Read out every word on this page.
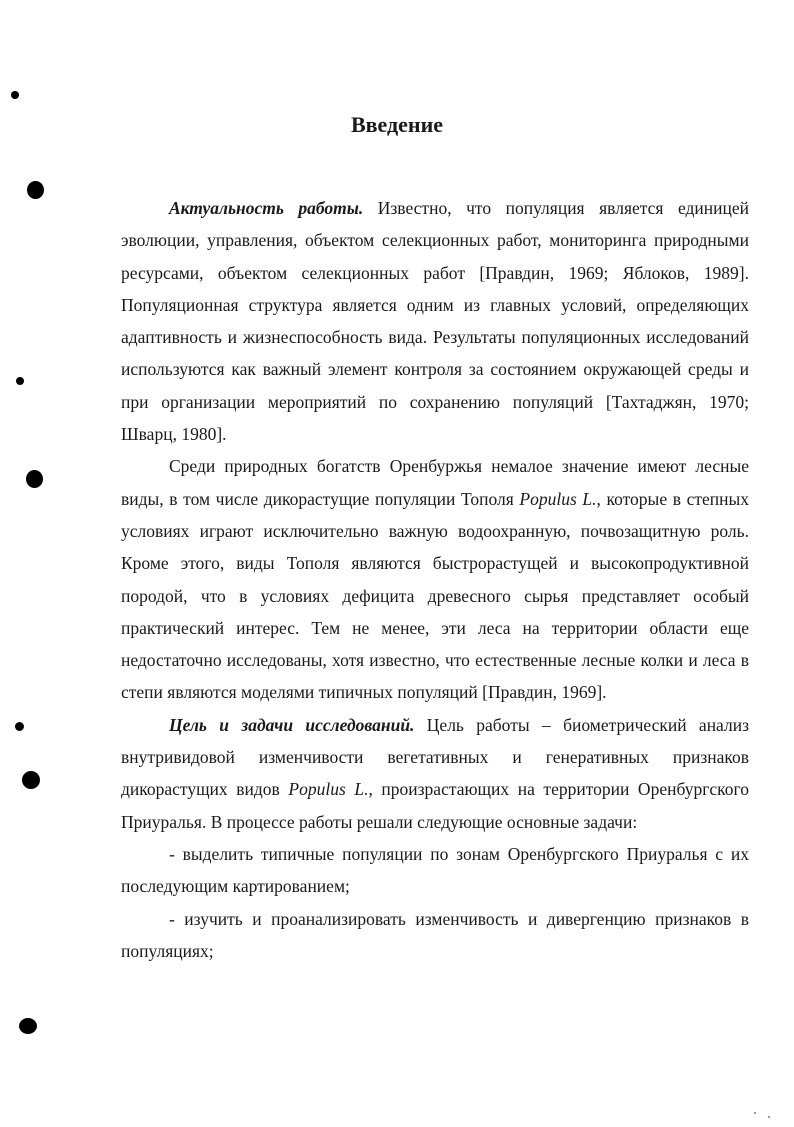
Введение

Актуальность работы. Известно, что популяция является единицей эволюции, управления, объектом селекционных работ, мониторинга природными ресурсами, объектом селекционных работ [Правдин, 1969; Яблоков, 1989]. Популяционная структура является одним из главных условий, определяющих адаптивность и жизнеспособность вида. Результаты популяционных исследований используются как важный элемент контроля за состоянием окружающей среды и при организации мероприятий по сохранению популяций [Тахтаджян, 1970; Шварц, 1980].

Среди природных богатств Оренбуржья немалое значение имеют лесные виды, в том числе дикорастущие популяции Тополя Populus L., которые в степных условиях играют исключительно важную водоохранную, почвозащитную роль. Кроме этого, виды Тополя являются быстрорастущей и высокопродуктивной породой, что в условиях дефицита древесного сырья представляет особый практический интерес. Тем не менее, эти леса на территории области еще недостаточно исследованы, хотя известно, что естественные лесные колки и леса в степи являются моделями типичных популяций [Правдин, 1969].

Цель и задачи исследований. Цель работы – биометрический анализ внутривидовой изменчивости вегетативных и генеративных признаков дикорастущих видов Populus L., произрастающих на территории Оренбургского Приуралья. В процессе работы решали следующие основные задачи:

- выделить типичные популяции по зонам Оренбургского Приуралья с их последующим картированием;

- изучить и проанализировать изменчивость и дивергенцию признаков в популяциях;
